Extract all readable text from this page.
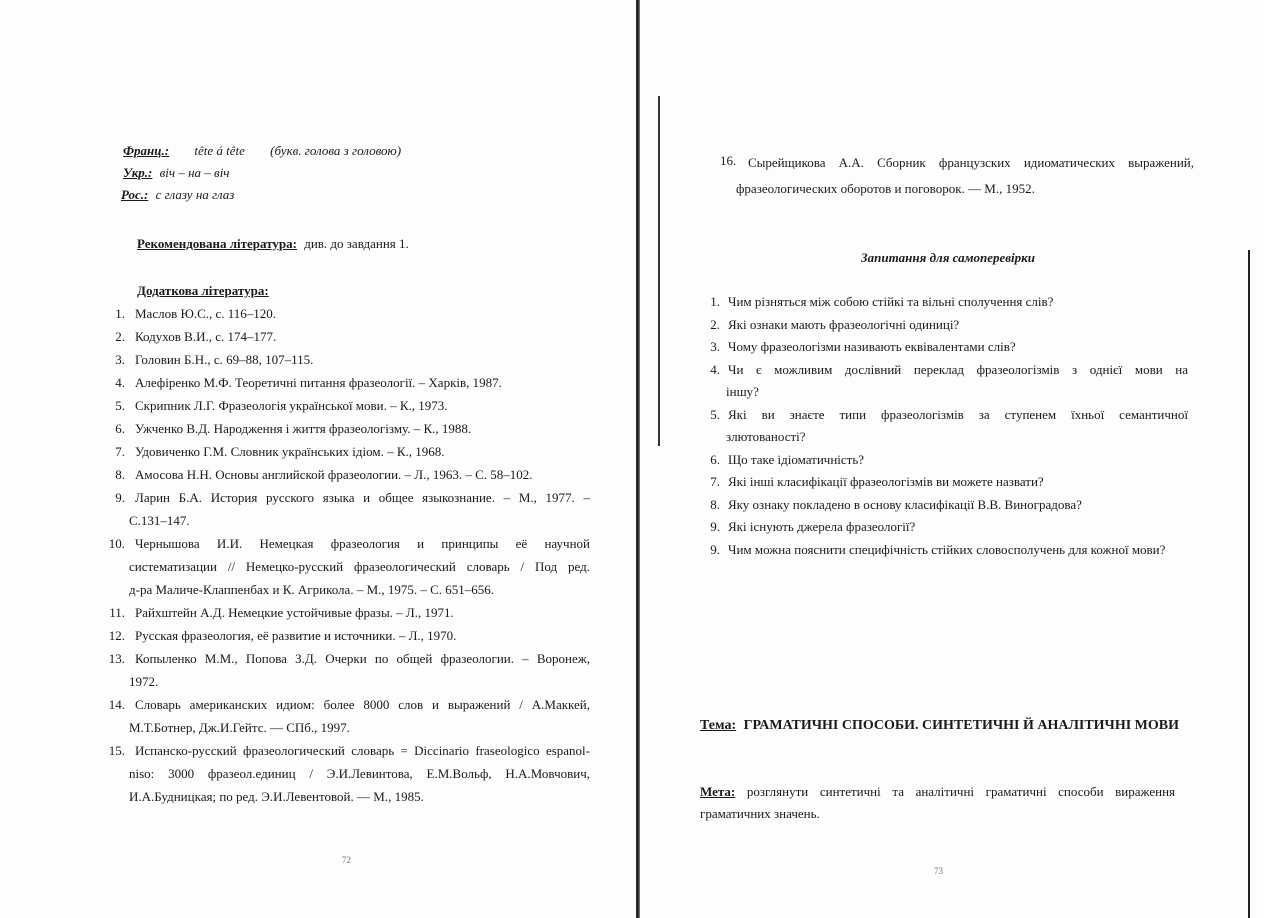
Франц.: tête á tête (букв. голова з головою)
Укр.: віч – на – віч
Рос.: с глазу на глаз
Рекомендована література: див. до завдання 1.
Додаткова література:
1. Маслов Ю.С., с. 116–120.
2. Кодухов В.И., с. 174–177.
3. Головин Б.Н., с. 69–88, 107–115.
4. Алефіренко М.Ф. Теоретичні питання фразеології. – Харків, 1987.
5. Скрипник Л.Г. Фразеологія української мови. – К., 1973.
6. Ужченко В.Д. Народження і життя фразеологізму. – К., 1988.
7. Удовиченко Г.М. Словник українських ідіом. – К., 1968.
8. Амосова Н.Н. Основы английской фразеологии. – Л., 1963. – С. 58–102.
9. Ларин Б.А. История русского языка и общее языкознание. – М., 1977. –
С.131–147.
10. Чернышова И.И. Немецкая фразеология и принципы её научной
систематизации // Немецко-русский фразеологический словарь / Под ред.
д-ра Маличе-Клаппенбах и К. Агрикола. – М., 1975. – С. 651–656.
11. Райхштейн А.Д. Немецкие устойчивые фразы. – Л., 1971.
12. Русская фразеология, её развитие и источники. – Л., 1970.
13. Копыленко М.М., Попова З.Д. Очерки по общей фразеологии. – Воронеж,
1972.
14. Словарь американских идиом: более 8000 слов и выражений / А.Маккей,
М.Т.Ботнер, Дж.И.Гейтс. — СПб., 1997.
15. Испанско-русский фразеологический словарь = Diccinario fraseologico espanol-
niso: 3000 фразеол.единиц / Э.И.Левинтова, Е.М.Вольф, Н.А.Мовчович,
И.А.Будницкая; по ред. Э.И.Левентовой. — М., 1985.
72
16. Сырейщикова А.А. Сборник французских идиоматических выражений,
фразеологических оборотов и поговорок. — М., 1952.
Запитання для самоперевірки
1. Чим різняться між собою стійкі та вільні сполучення слів?
2. Які ознаки мають фразеологічні одиниці?
3. Чому фразеологізми називають еквівалентами слів?
4. Чи є можливим дослівний переклад фразеологізмів з однієї мови на
іншу?
5. Які ви знаєте типи фразеологізмів за ступенем їхньої семантичної
злютованості?
6. Що таке ідіоматичність?
7. Які інші класифікації фразеологізмів ви можете назвати?
8. Яку ознаку покладено в основу класифікації В.В. Виноградова?
9. Які існують джерела фразеології?
9. Чим можна пояснити специфічність стійких словосполучень для кожної мови?
Тема: ГРАМАТИЧНІ СПОСОБИ. СИНТЕТИЧНІ Й АНАЛІТИЧНІ МОВИ
Мета: розглянути синтетичні та аналітичні граматичні способи вираження
граматичних значень.
73
